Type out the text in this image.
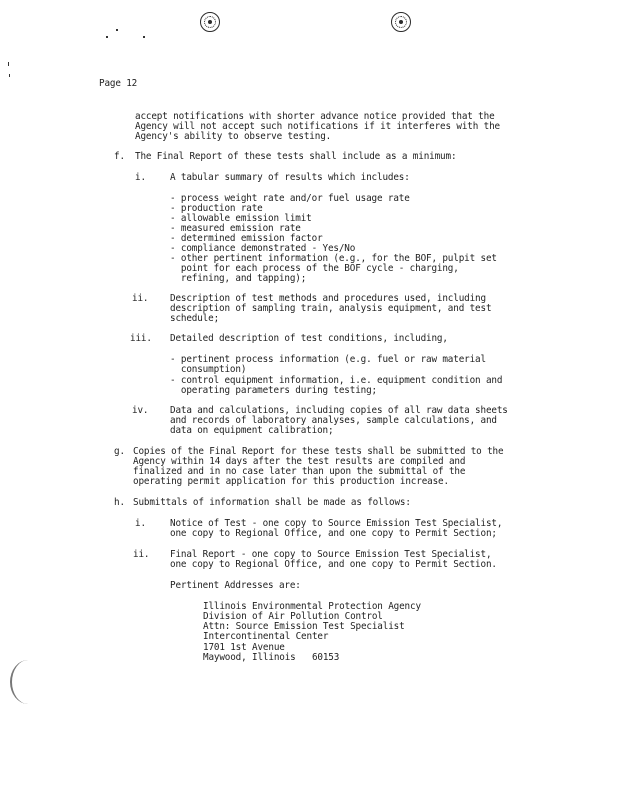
Page 12
accept notifications with shorter advance notice provided that the
Agency will not accept such notifications if it interferes with the
Agency's ability to observe testing.
f. The Final Report of these tests shall include as a minimum:
i.	A tabular summary of results which includes:
- process weight rate and/or fuel usage rate
- production rate
- allowable emission limit
- measured emission rate
- determined emission factor
- compliance demonstrated - Yes/No
- other pertinent information (e.g., for the BOF, pulpit set
point for each process of the BOF cycle - charging,
refining, and tapping);
ii. Description of test methods and procedures used, including
description of sampling train, analysis equipment, and test
schedule;
iii. Detailed description of test conditions, including,
- pertinent process information (e.g. fuel or raw material
consumption)
- control equipment information, i.e. equipment condition and
operating parameters during testing;
iv. Data and calculations, including copies of all raw data sheets
and records of laboratory analyses, sample calculations, and
data on equipment calibration;
g. Copies of the Final Report for these tests shall be submitted to the
Agency within 14 days after the test results are compiled and
finalized and in no case later than upon the submittal of the
operating permit application for this production increase.
h. Submittals of information shall be made as follows:
i.	Notice of Test - one copy to Source Emission Test Specialist,
one copy to Regional Office, and one copy to Permit Section;
ii. Final Report - one copy to Source Emission Test Specialist,
one copy to Regional Office, and one copy to Permit Section.
Pertinent Addresses are:
Illinois Environmental Protection Agency
Division of Air Pollution Control
Attn: Source Emission Test Specialist
Intercontinental Center
1701 1st Avenue
Maywood, Illinois   60153
